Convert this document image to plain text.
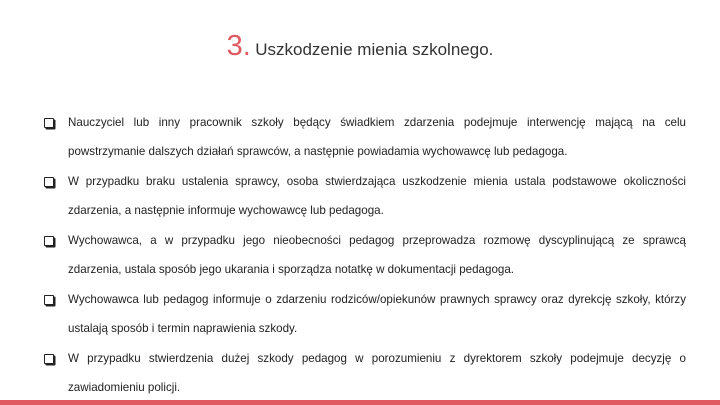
3. Uszkodzenie mienia szkolnego.
Nauczyciel lub inny pracownik szkoły będący świadkiem zdarzenia podejmuje interwencję mającą na celu powstrzymanie dalszych działań sprawców, a następnie powiadamia wychowawcę lub pedagoga.
W przypadku braku ustalenia sprawcy, osoba stwierdzająca uszkodzenie mienia ustala podstawowe okoliczności zdarzenia, a następnie informuje wychowawcę lub pedagoga.
Wychowawca, a w przypadku jego nieobecności pedagog przeprowadza rozmowę dyscyplinującą ze sprawcą zdarzenia, ustala sposób jego ukarania i sporządza notatkę w dokumentacji pedagoga.
Wychowawca lub pedagog informuje o zdarzeniu rodziców/opiekunów prawnych sprawcy oraz dyrekcję szkoły, którzy ustalają sposób i termin naprawienia szkody.
W przypadku stwierdzenia dużej szkody pedagog w porozumieniu z dyrektorem szkoły podejmuje decyzję o zawiadomieniu policji.
